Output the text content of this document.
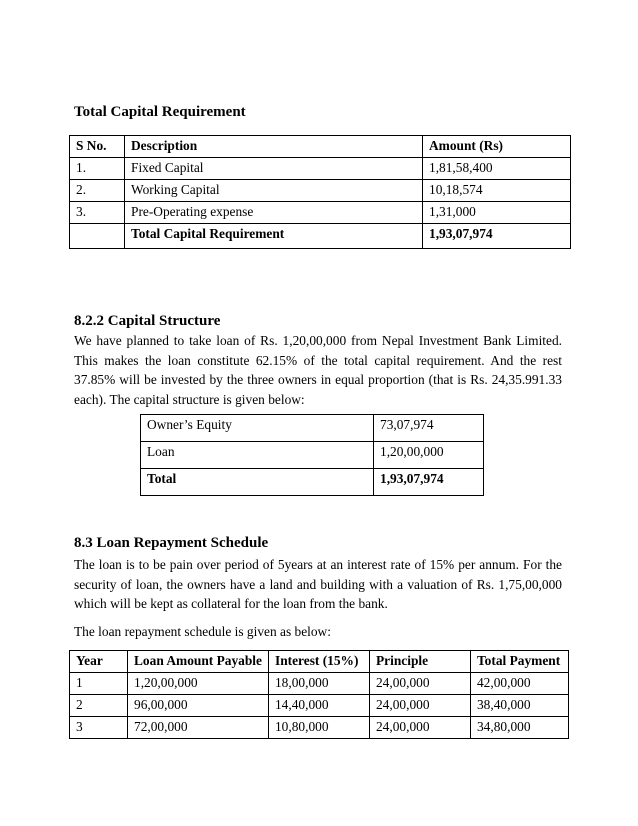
Total Capital Requirement
S No.	Description	Amount (Rs)
1.	Fixed Capital	1,81,58,400
2.	Working Capital	10,18,574
3.	Pre-Operating expense	1,31,000
	Total Capital Requirement	1,93,07,974
8.2.2 Capital Structure

We have planned to take loan of Rs. 1,20,00,000 from Nepal Investment Bank Limited. This makes the loan constitute 62.15% of the total capital requirement. And the rest 37.85% will be invested by the three owners in equal proportion (that is Rs. 24,35.991.33 each). The capital structure is given below:

Owner’s Equity	73,07,974
Loan	1,20,00,000
Total	1,93,07,974
8.3 Loan Repayment Schedule

The loan is to be pain over period of 5years at an interest rate of 15% per annum. For the security of loan, the owners have a land and building with a valuation of Rs. 1,75,00,000 which will be kept as collateral for the loan from the bank.

The loan repayment schedule is given as below:

Year	Loan Amount Payable	Interest (15%)	Principle	Total Payment
1	1,20,00,000	18,00,000	24,00,000	42,00,000
2	96,00,000	14,40,000	24,00,000	38,40,000
3	72,00,000	10,80,000	24,00,000	34,80,000
